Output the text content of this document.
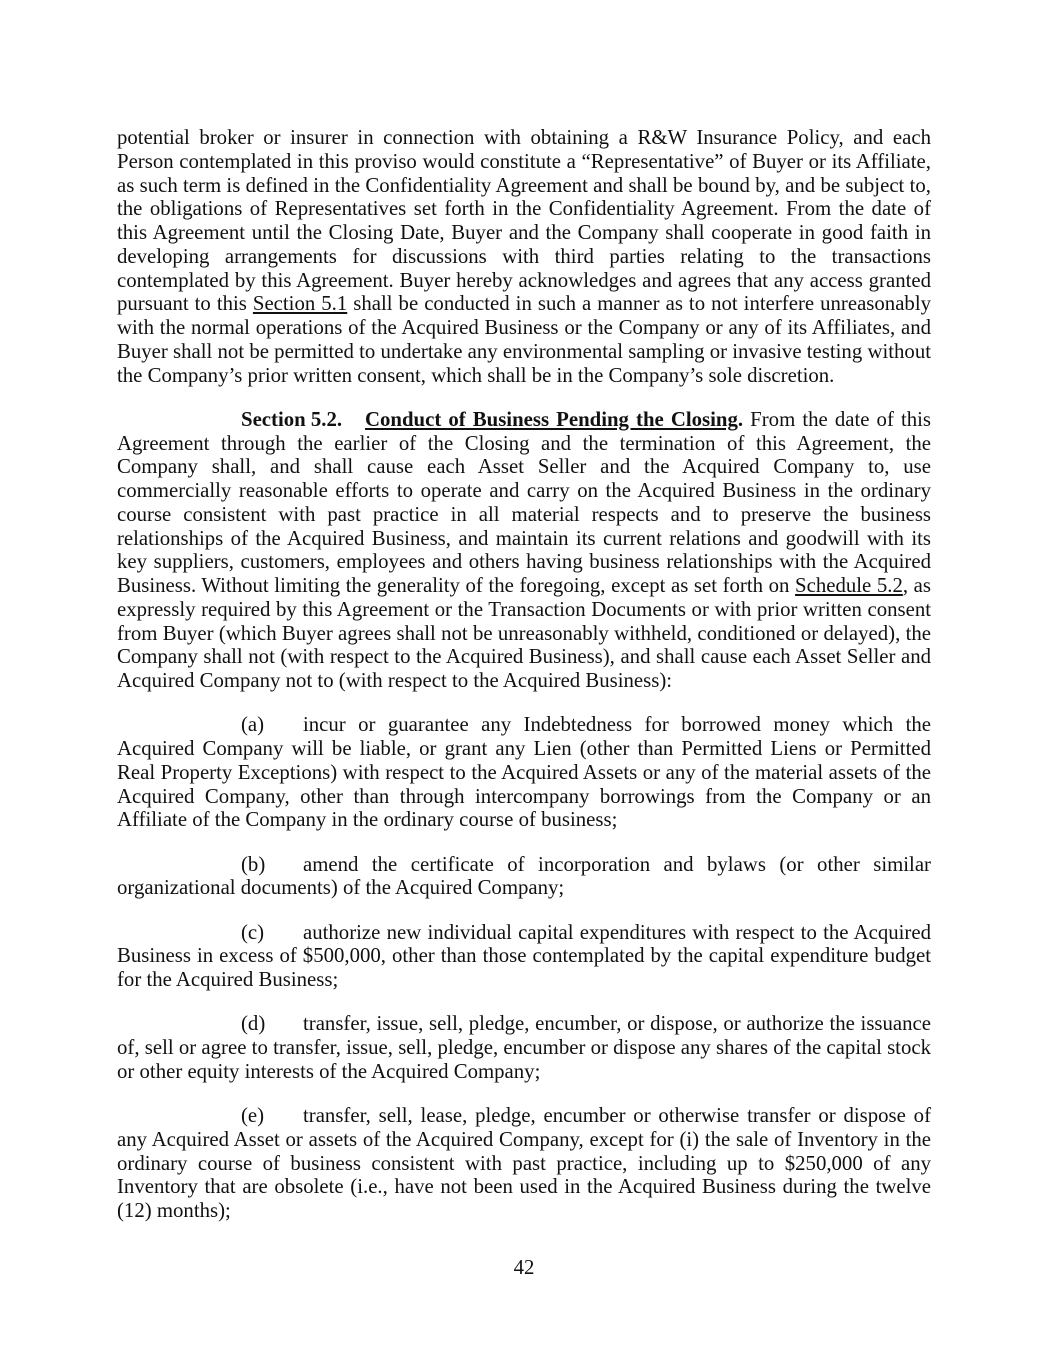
potential broker or insurer in connection with obtaining a R&W Insurance Policy, and each Person contemplated in this proviso would constitute a “Representative” of Buyer or its Affiliate, as such term is defined in the Confidentiality Agreement and shall be bound by, and be subject to, the obligations of Representatives set forth in the Confidentiality Agreement. From the date of this Agreement until the Closing Date, Buyer and the Company shall cooperate in good faith in developing arrangements for discussions with third parties relating to the transactions contemplated by this Agreement. Buyer hereby acknowledges and agrees that any access granted pursuant to this Section 5.1 shall be conducted in such a manner as to not interfere unreasonably with the normal operations of the Acquired Business or the Company or any of its Affiliates, and Buyer shall not be permitted to undertake any environmental sampling or invasive testing without the Company’s prior written consent, which shall be in the Company’s sole discretion.

Section 5.2. Conduct of Business Pending the Closing. From the date of this Agreement through the earlier of the Closing and the termination of this Agreement, the Company shall, and shall cause each Asset Seller and the Acquired Company to, use commercially reasonable efforts to operate and carry on the Acquired Business in the ordinary course consistent with past practice in all material respects and to preserve the business relationships of the Acquired Business, and maintain its current relations and goodwill with its key suppliers, customers, employees and others having business relationships with the Acquired Business. Without limiting the generality of the foregoing, except as set forth on Schedule 5.2, as expressly required by this Agreement or the Transaction Documents or with prior written consent from Buyer (which Buyer agrees shall not be unreasonably withheld, conditioned or delayed), the Company shall not (with respect to the Acquired Business), and shall cause each Asset Seller and Acquired Company not to (with respect to the Acquired Business):

(a) incur or guarantee any Indebtedness for borrowed money which the Acquired Company will be liable, or grant any Lien (other than Permitted Liens or Permitted Real Property Exceptions) with respect to the Acquired Assets or any of the material assets of the Acquired Company, other than through intercompany borrowings from the Company or an Affiliate of the Company in the ordinary course of business;

(b) amend the certificate of incorporation and bylaws (or other similar organizational documents) of the Acquired Company;

(c) authorize new individual capital expenditures with respect to the Acquired Business in excess of $500,000, other than those contemplated by the capital expenditure budget for the Acquired Business;

(d) transfer, issue, sell, pledge, encumber, or dispose, or authorize the issuance of, sell or agree to transfer, issue, sell, pledge, encumber or dispose any shares of the capital stock or other equity interests of the Acquired Company;

(e) transfer, sell, lease, pledge, encumber or otherwise transfer or dispose of any Acquired Asset or assets of the Acquired Company, except for (i) the sale of Inventory in the ordinary course of business consistent with past practice, including up to $250,000 of any Inventory that are obsolete (i.e., have not been used in the Acquired Business during the twelve (12) months);

42
